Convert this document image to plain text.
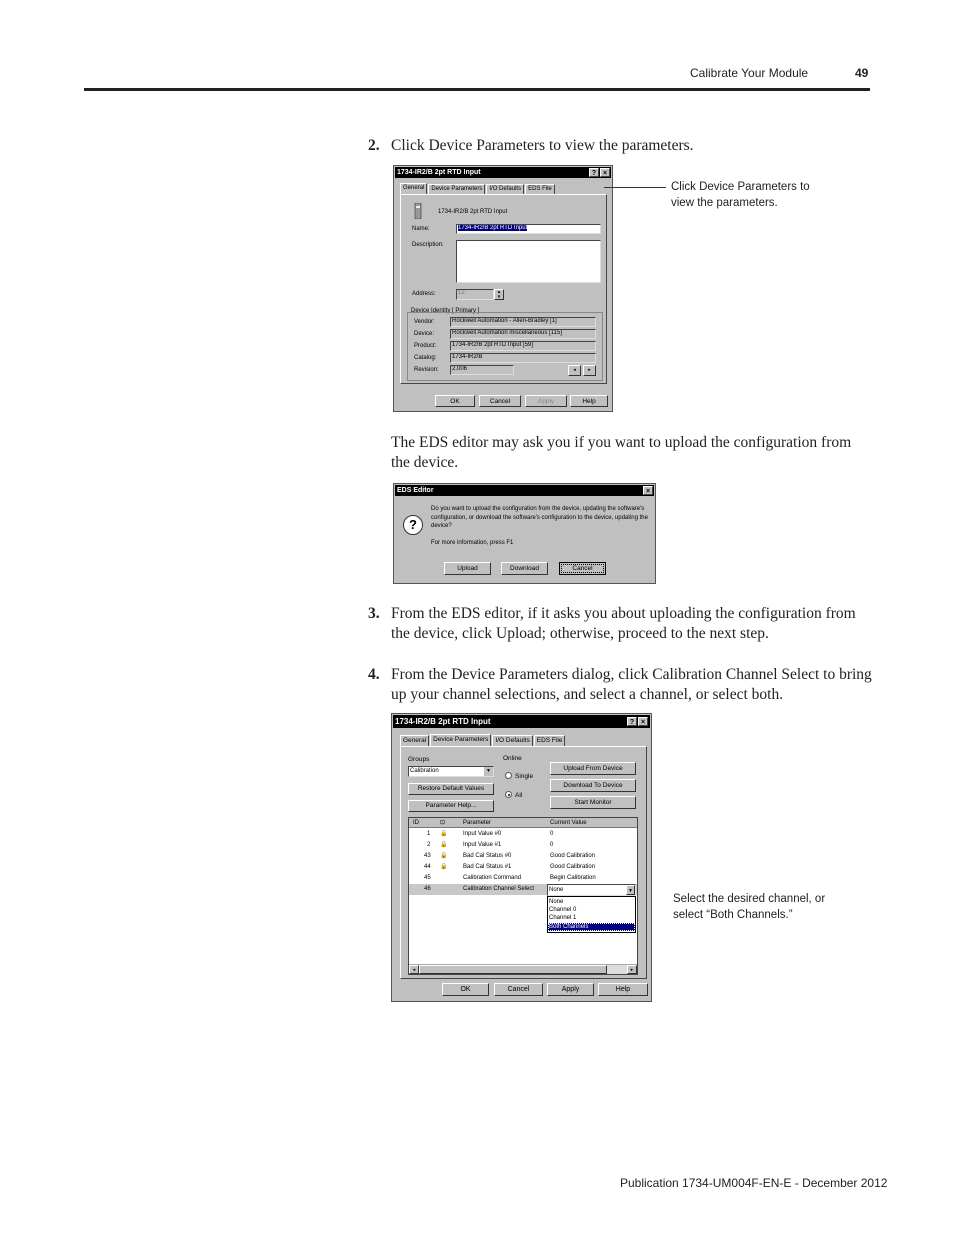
Calibrate Your Module	49
2. Click Device Parameters to view the parameters.
1734-IR2/B 2pt RTD Input	? ×
General	Device Parameters	I/O Defaults	EDS File
1734-IR2/B 2pt RTD Input
Name:	1734-IR2/B 2pt RTD Input
Description:
Address:	12	▴
▾
Device Identity [ Primary ]
Vendor:	Rockwell Automation - Allen-Bradley [1]
Device:	Rockwell Automation miscellaneous [115]
Product:	1734-IR2/B 2pt RTD Input [59]
Catalog:	1734-IR2/B
Revision:	2.006	◂	▸
OK	Cancel	Apply	Help
Click Device Parameters to view the parameters.
The EDS editor may ask you if you want to upload the configuration from the device.
EDS Editor	×
?
Do you want to upload the configuration from the device, updating the software's configuration, or download the software's configuration to the device, updating the device?
For more information, press F1
Upload	Download	Cancel
3. From the EDS editor, if it asks you about uploading the configuration from the device, click Upload; otherwise, proceed to the next step.
4. From the Device Parameters dialog, click Calibration Channel Select to bring up your channel selections, and select a channel, or select both.
1734-IR2/B 2pt RTD Input	? ×
General	Device Parameters	I/O Defaults	EDS File
Groups
Calibration	▼
Restore Default Values
Parameter Help...
Online
Single
All
Upload From Device
Download To Device
Start Monitor
ID	⊡	Parameter	Current Value
1 🔒	Input Value #0	0
2 🔒	Input Value #1	0
43 🔒	Bad Cal Status #0	Good Calibration
44 🔒	Bad Cal Status #1	Good Calibration
45	Calibration Command	Begin Calibration
46	Calibration Channel Select	None	▼
None
Channel 0
Channel 1
Both Channels
◂	▸
OK	Cancel	Apply	Help
Select the desired channel, or select “Both Channels.”
Publication 1734-UM004F-EN-E - December 2012
